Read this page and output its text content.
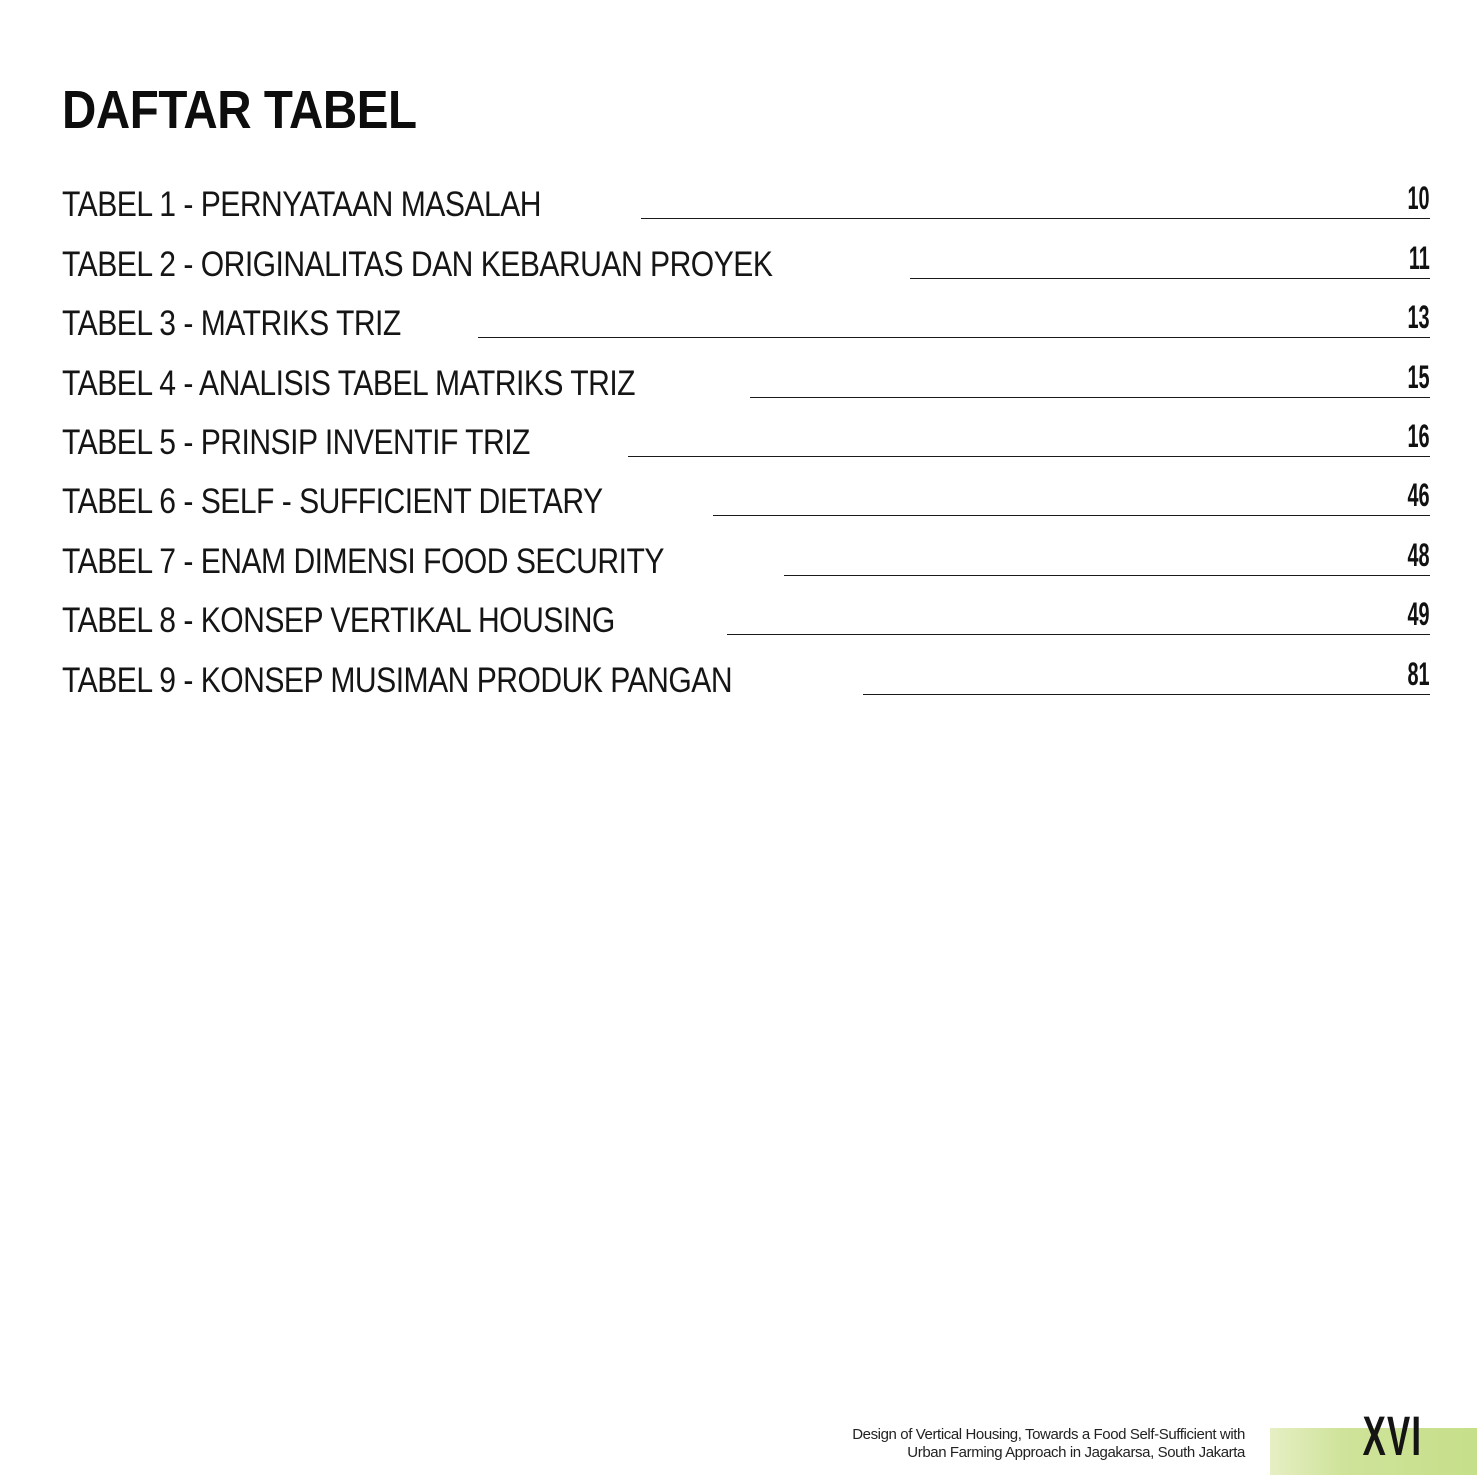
DAFTAR TABEL
TABEL 1 - PERNYATAAN MASALAH	10
TABEL 2 - ORIGINALITAS DAN KEBARUAN PROYEK	11
TABEL 3 - MATRIKS TRIZ	13
TABEL 4 - ANALISIS TABEL MATRIKS TRIZ	15
TABEL 5 - PRINSIP INVENTIF TRIZ	16
TABEL 6 - SELF - SUFFICIENT DIETARY	46
TABEL 7 - ENAM DIMENSI FOOD SECURITY	48
TABEL 8 - KONSEP VERTIKAL HOUSING	49
TABEL 9 - KONSEP MUSIMAN PRODUK PANGAN	81
Design of Vertical Housing, Towards a Food Self-Sufficient with
Urban Farming Approach in Jagakarsa, South Jakarta XVI
